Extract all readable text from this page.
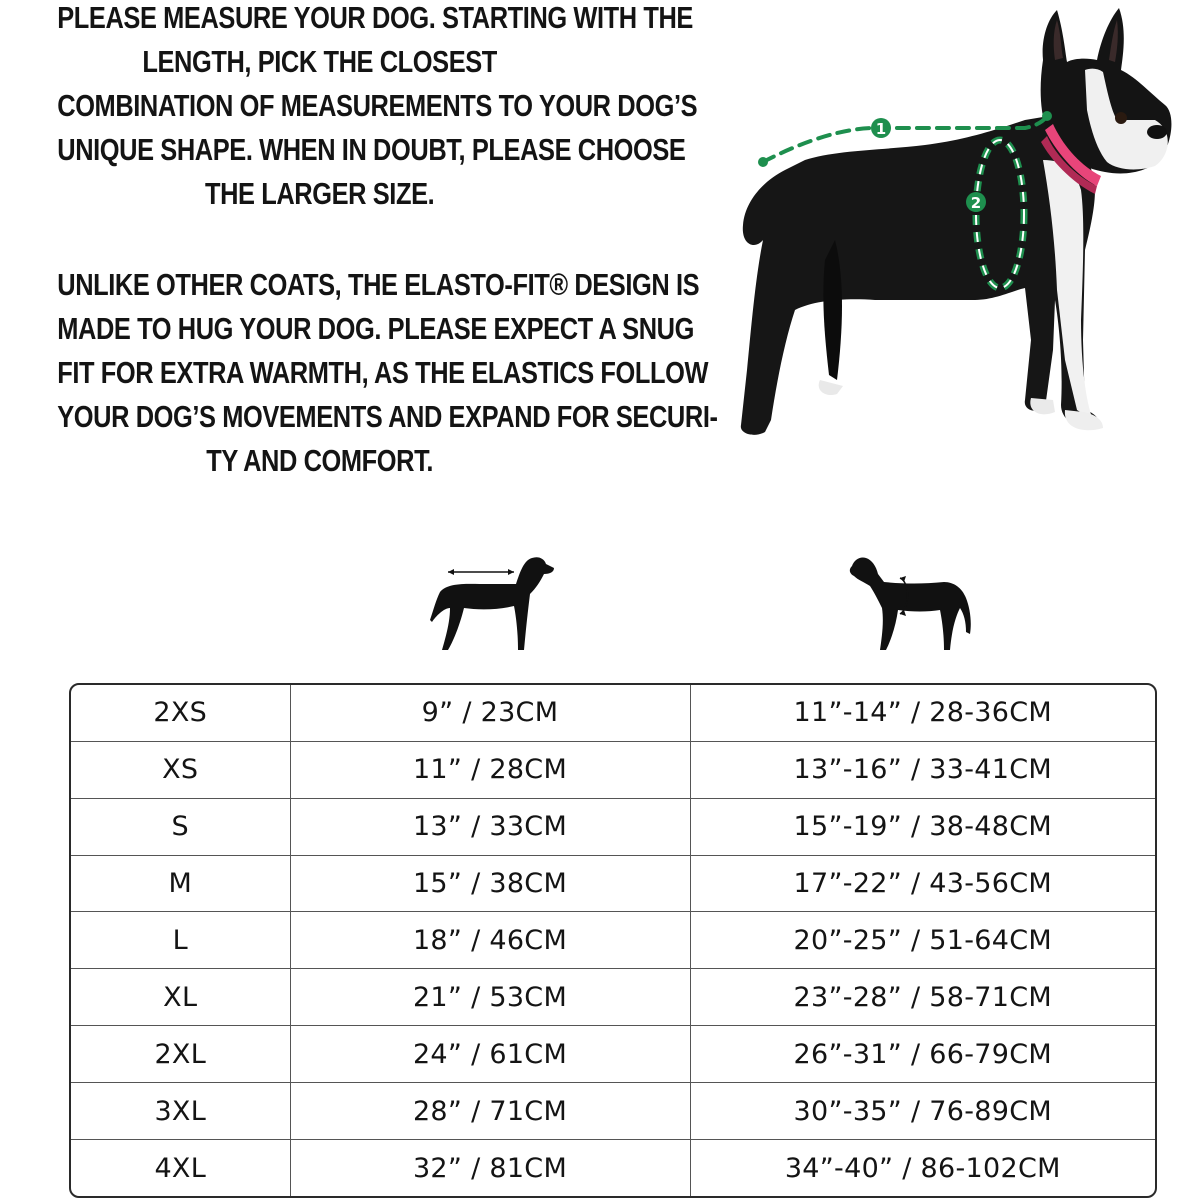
PLEASE MEASURE YOUR DOG. STARTING WITH THE
LENGTH, PICK THE CLOSEST
COMBINATION OF MEASUREMENTS TO YOUR DOG’S
UNIQUE SHAPE. WHEN IN DOUBT, PLEASE CHOOSE
THE LARGER SIZE.

UNLIKE OTHER COATS, THE ELASTO-FIT® DESIGN IS
MADE TO HUG YOUR DOG. PLEASE EXPECT A SNUG
FIT FOR EXTRA WARMTH, AS THE ELASTICS FOLLOW
YOUR DOG’S MOVEMENTS AND EXPAND FOR SECURI-
TY AND COMFORT.

1
2
2XS	9” / 23CM	11”-14” / 28-36CM
XS	11” / 28CM	13”-16” / 33-41CM
S	13” / 33CM	15”-19” / 38-48CM
M	15” / 38CM	17”-22” / 43-56CM
L	18” / 46CM	20”-25” / 51-64CM
XL	21” / 53CM	23”-28” / 58-71CM
2XL	24” / 61CM	26”-31” / 66-79CM
3XL	28” / 71CM	30”-35” / 76-89CM
4XL	32” / 81CM	34”-40” / 86-102CM
